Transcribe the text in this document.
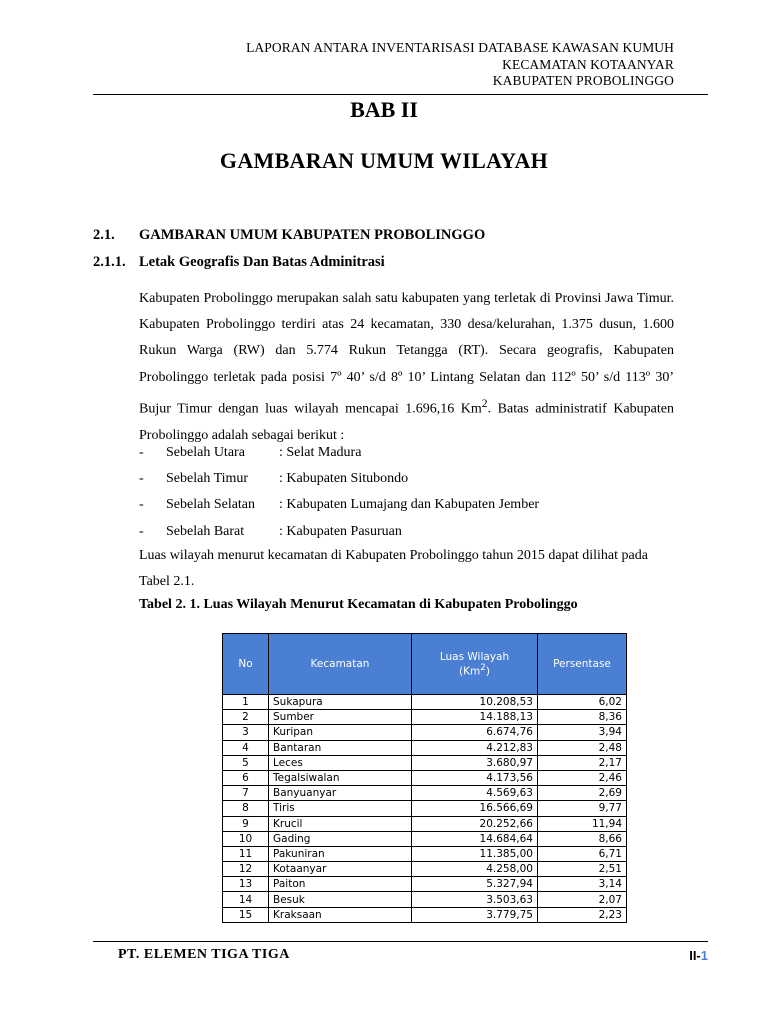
LAPORAN ANTARA INVENTARISASI DATABASE KAWASAN KUMUH
KECAMATAN KOTAANYAR
KABUPATEN PROBOLINGGO
BAB II
GAMBARAN UMUM WILAYAH
2.1. GAMBARAN UMUM KABUPATEN PROBOLINGGO
2.1.1. Letak Geografis Dan Batas Adminitrasi
Kabupaten Probolinggo merupakan salah satu kabupaten yang terletak di Provinsi Jawa Timur. Kabupaten Probolinggo terdiri atas 24 kecamatan, 330 desa/kelurahan, 1.375 dusun, 1.600 Rukun Warga (RW) dan 5.774 Rukun Tetangga (RT). Secara geografis, Kabupaten Probolinggo terletak pada posisi 7º 40’ s/d 8º 10’ Lintang Selatan dan 112º 50’ s/d 113º 30’ Bujur Timur dengan luas wilayah mencapai 1.696,16 Km$^2$. Batas administratif Kabupaten Probolinggo adalah sebagai berikut :
-	Sebelah Utara	: Selat Madura
-	Sebelah Timur	: Kabupaten Situbondo
-	Sebelah Selatan	: Kabupaten Lumajang dan Kabupaten Jember
-	Sebelah Barat	: Kabupaten Pasuruan
Luas wilayah menurut kecamatan di Kabupaten Probolinggo tahun 2015 dapat dilihat pada Tabel 2.1.
Tabel 2. 1. Luas Wilayah Menurut Kecamatan di Kabupaten Probolinggo
No	Kecamatan	Luas Wilayah
(Km$^2$)	Persentase
1	Sukapura	10.208,53	6,02
2	Sumber	14.188,13	8,36
3	Kuripan	6.674,76	3,94
4	Bantaran	4.212,83	2,48
5	Leces	3.680,97	2,17
6	Tegalsiwalan	4.173,56	2,46
7	Banyuanyar	4.569,63	2,69
8	Tiris	16.566,69	9,77
9	Krucil	20.252,66	11,94
10	Gading	14.684,64	8,66
11	Pakuniran	11.385,00	6,71
12	Kotaanyar	4.258,00	2,51
13	Paiton	5.327,94	3,14
14	Besuk	3.503,63	2,07
15	Kraksaan	3.779,75	2,23
PT. ELEMEN TIGA TIGA	II-1
